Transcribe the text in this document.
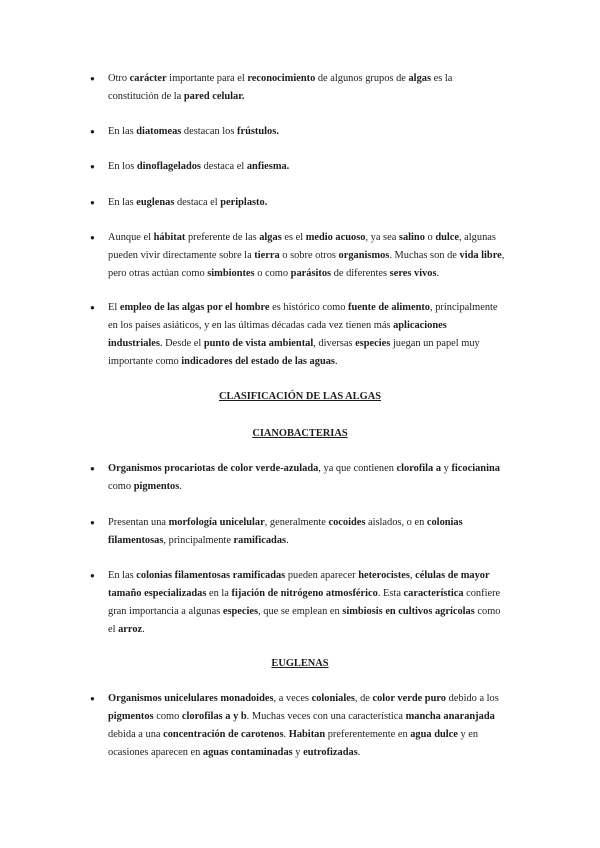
● Otro carácter importante para el reconocimiento de algunos grupos de algas es la
constitución de la pared celular.
● En las diatomeas destacan los frústulos.
● En los dinoflagelados destaca el anfiesma.
● En las euglenas destaca el periplasto.
● Aunque el hábitat preferente de las algas es el medio acuoso, ya sea salino o dulce, algunas
pueden vivir directamente sobre la tierra o sobre otros organismos. Muchas son de vida libre,
pero otras actúan como simbiontes o como parásitos de diferentes seres vivos.
● El empleo de las algas por el hombre es histórico como fuente de alimento, principalmente
en los países asiáticos, y en las últimas décadas cada vez tienen más aplicaciones
industriales. Desde el punto de vista ambiental, diversas especies juegan un papel muy
importante como indicadores del estado de las aguas.
CLASIFICACIÓN DE LAS ALGAS
CIANOBACTERIAS
● Organismos procariotas de color verde-azulada, ya que contienen clorofila a y ficocianina
como pigmentos.
● Presentan una morfología unicelular, generalmente cocoides aislados, o en colonias
filamentosas, principalmente ramificadas.
● En las colonias filamentosas ramificadas pueden aparecer heterocistes, células de mayor
tamaño especializadas en la fijación de nitrógeno atmosférico. Esta característica confiere
gran importancia a algunas especies, que se emplean en simbiosis en cultivos agrícolas como
el arroz.
EUGLENAS
● Organismos unicelulares monadoides, a veces coloniales, de color verde puro debido a los
pigmentos como clorofilas a y b. Muchas veces con una característica mancha anaranjada
debida a una concentración de carotenos. Habitan preferentemente en agua dulce y en
ocasiones aparecen en aguas contaminadas y eutrofizadas.
